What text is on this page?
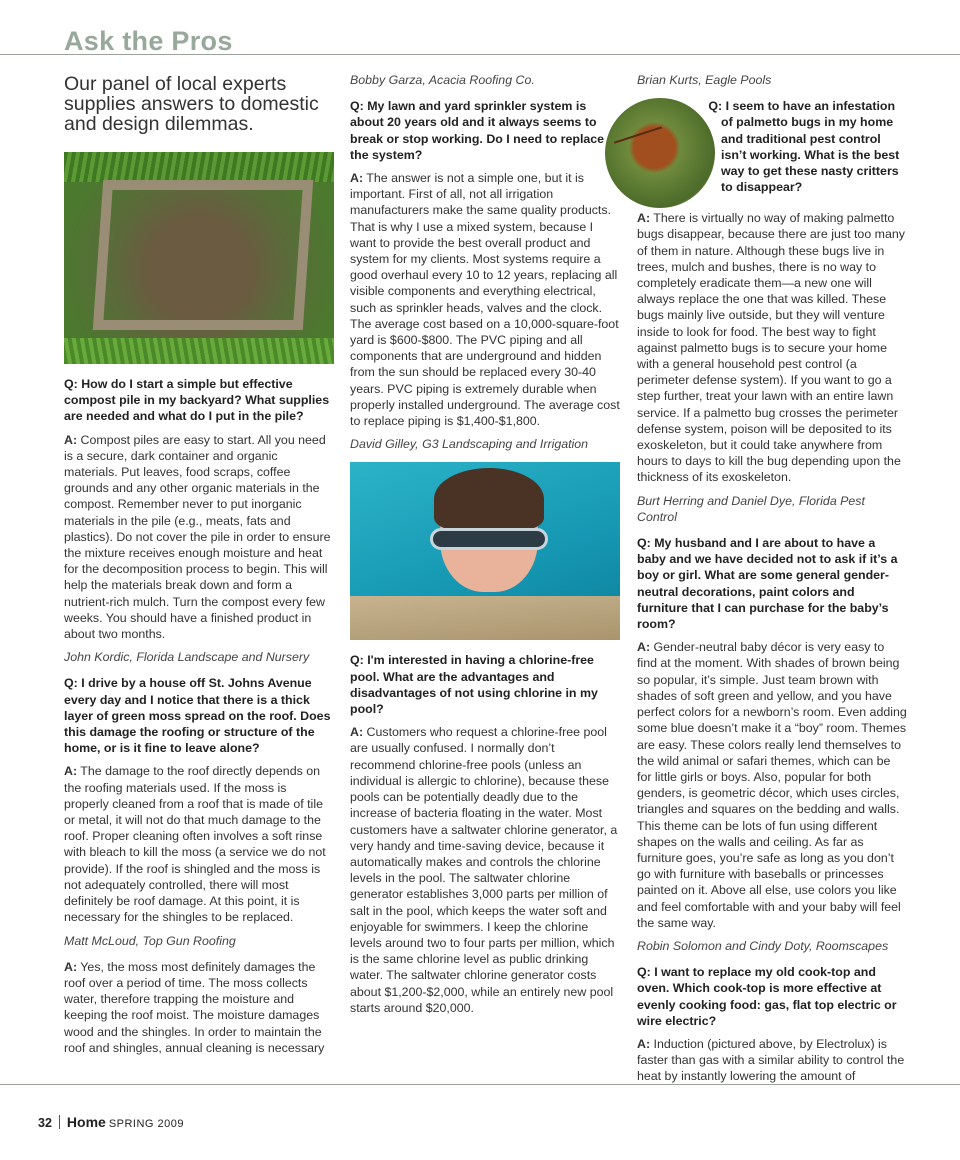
Ask the Pros
Our panel of local experts supplies answers to domestic and design dilemmas.

Q: How do I start a simple but effective compost pile in my backyard? What supplies are needed and what do I put in the pile?

A: Compost piles are easy to start. All you need is a secure, dark container and organic materials. Put leaves, food scraps, coffee grounds and any other organic materials in the compost. Remember never to put inorganic materials in the pile (e.g., meats, fats and plastics). Do not cover the pile in order to ensure the mixture receives enough moisture and heat for the decomposition process to begin. This will help the materials break down and form a nutrient-rich mulch. Turn the compost every few weeks. You should have a finished product in about two months.

John Kordic, Florida Landscape and Nursery

Q: I drive by a house off St. Johns Avenue every day and I notice that there is a thick layer of green moss spread on the roof. Does this damage the roofing or structure of the home, or is it fine to leave alone?

A: The damage to the roof directly depends on the roofing materials used. If the moss is properly cleaned from a roof that is made of tile or metal, it will not do that much damage to the roof. Proper cleaning often involves a soft rinse with bleach to kill the moss (a service we do not provide). If the roof is shingled and the moss is not adequately controlled, there will most definitely be roof damage. At this point, it is necessary for the shingles to be replaced.

Matt McLoud, Top Gun Roofing

A: Yes, the moss most definitely damages the roof over a period of time. The moss collects water, therefore trapping the moisture and keeping the roof moist. The moisture damages wood and the shingles. In order to maintain the roof and shingles, annual cleaning is necessary

Bobby Garza, Acacia Roofing Co.

Q: My lawn and yard sprinkler system is about 20 years old and it always seems to break or stop working. Do I need to replace the system?

A: The answer is not a simple one, but it is important. First of all, not all irrigation manufacturers make the same quality products. That is why I use a mixed system, because I want to provide the best overall product and system for my clients. Most systems require a good overhaul every 10 to 12 years, replacing all visible components and everything electrical, such as sprinkler heads, valves and the clock. The average cost based on a 10,000-square-foot yard is $600-$800. The PVC piping and all components that are underground and hidden from the sun should be replaced every 30-40 years. PVC piping is extremely durable when properly installed underground. The average cost to replace piping is $1,400-$1,800.

David Gilley, G3 Landscaping and Irrigation

Q: I'm interested in having a chlorine-free pool. What are the advantages and disadvantages of not using chlorine in my pool?

A: Customers who request a chlorine-free pool are usually confused. I normally don’t recommend chlorine-free pools (unless an individual is allergic to chlorine), because these pools can be potentially deadly due to the increase of bacteria floating in the water. Most customers have a saltwater chlorine generator, a very handy and time-saving device, because it automatically makes and controls the chlorine levels in the pool. The saltwater chlorine generator establishes 3,000 parts per million of salt in the pool, which keeps the water soft and enjoyable for swimmers. I keep the chlorine levels around two to four parts per million, which is the same chlorine level as public drinking water. The saltwater chlorine generator costs about $1,200-$2,000, while an entirely new pool starts around $20,000.

Brian Kurts, Eagle Pools

Q: I seem to have an infestation of palmetto bugs in my home and traditional pest control isn’t working. What is the best way to get these nasty critters to disappear?

A: There is virtually no way of making palmetto bugs disappear, because there are just too many of them in nature. Although these bugs live in trees, mulch and bushes, there is no way to completely eradicate them—a new one will always replace the one that was killed. These bugs mainly live outside, but they will venture inside to look for food. The best way to fight against palmetto bugs is to secure your home with a general household pest control (a perimeter defense system). If you want to go a step further, treat your lawn with an entire lawn service. If a palmetto bug crosses the perimeter defense system, poison will be deposited to its exoskeleton, but it could take anywhere from hours to days to kill the bug depending upon the thickness of its exoskeleton.

Burt Herring and Daniel Dye, Florida Pest Control

Q: My husband and I are about to have a baby and we have decided not to ask if it’s a boy or girl. What are some general gender-neutral decorations, paint colors and furniture that I can purchase for the baby’s room?

A: Gender-neutral baby décor is very easy to find at the moment. With shades of brown being so popular, it’s simple. Just team brown with shades of soft green and yellow, and you have perfect colors for a newborn’s room. Even adding some blue doesn’t make it a “boy” room. Themes are easy. These colors really lend themselves to the wild animal or safari themes, which can be for little girls or boys. Also, popular for both genders, is geometric décor, which uses circles, triangles and squares on the bedding and walls. This theme can be lots of fun using different shapes on the walls and ceiling. As far as furniture goes, you’re safe as long as you don’t go with furniture with baseballs or princesses painted on it. Above all else, use colors you like and feel comfortable with and your baby will feel the same way.

Robin Solomon and Cindy Doty, Roomscapes

Q: I want to replace my old cook-top and oven. Which cook-top is more effective at evenly cooking food: gas, flat top electric or wire electric?

A: Induction (pictured above, by Electrolux) is faster than gas with a similar ability to control the heat by instantly lowering the amount of

32 Home SPRING 2009
